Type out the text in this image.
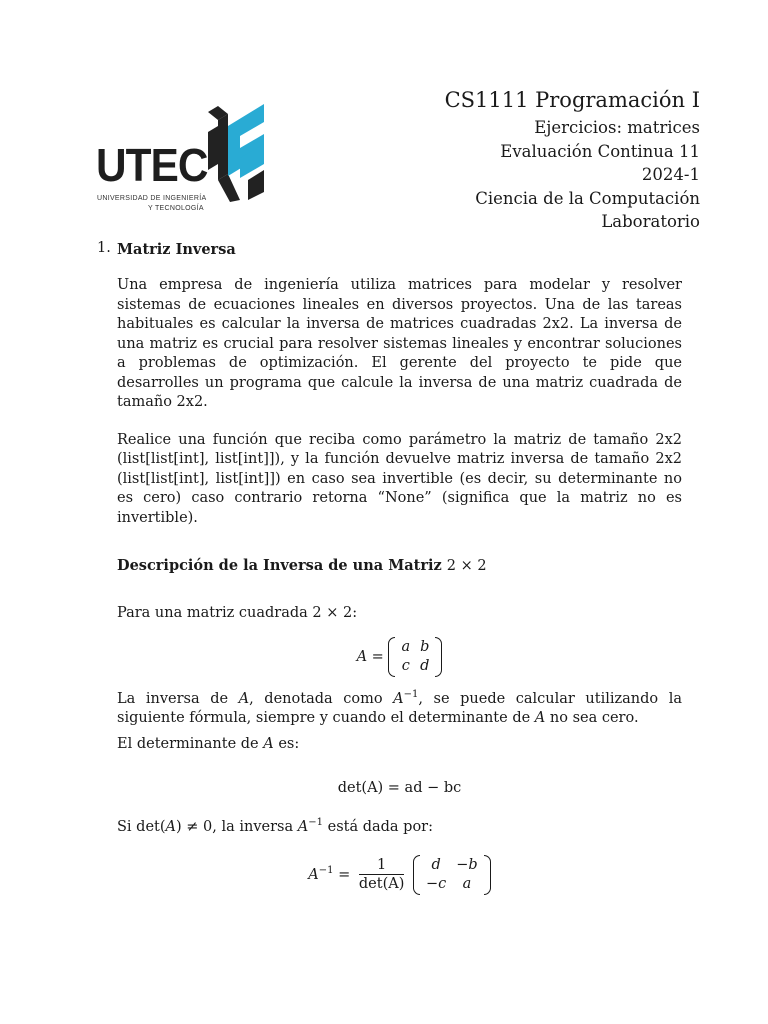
UTEC
UNIVERSIDAD DE INGENIERÍA
Y TECNOLOGÍA
CS1111 Programación I
Ejercicios: matrices
Evaluación Continua 11
2024-1
Ciencia de la Computación
Laboratorio
1. Matriz Inversa

Una empresa de ingeniería utiliza matrices para modelar y resolver sistemas de ecuaciones lineales en diversos proyectos. Una de las tareas habituales es calcular la inversa de matrices cuadradas 2x2. La inversa de una matriz es crucial para resolver sistemas lineales y encontrar soluciones a problemas de optimización. El gerente del proyecto te pide que desarrolles un programa que calcule la inversa de una matriz cuadrada de tamaño 2x2.

Realice una función que reciba como parámetro la matriz de tamaño 2x2 (list[list[int], list[int]]), y la función devuelve matriz inversa de tamaño 2x2 (list[list[int], list[int]]) en caso sea invertible (es decir, su determinante no es cero) caso contrario retorna “None” (significa que la matriz no es invertible).

Descripción de la Inversa de una Matriz 2 × 2

Para una matriz cuadrada 2 × 2:

A =
a	b
c	d

La inversa de A, denotada como $A^{-1}$, se puede calcular utilizando la siguiente fórmula, siempre y cuando el determinante de A no sea cero.

El determinante de A es:

det(A) = ad − bc

Si det(A) ≠ 0, la inversa $A^{-1}$ está dada por:

$A^{-1} = \frac{1}{\det(A)}$
d	−b
−c	a
